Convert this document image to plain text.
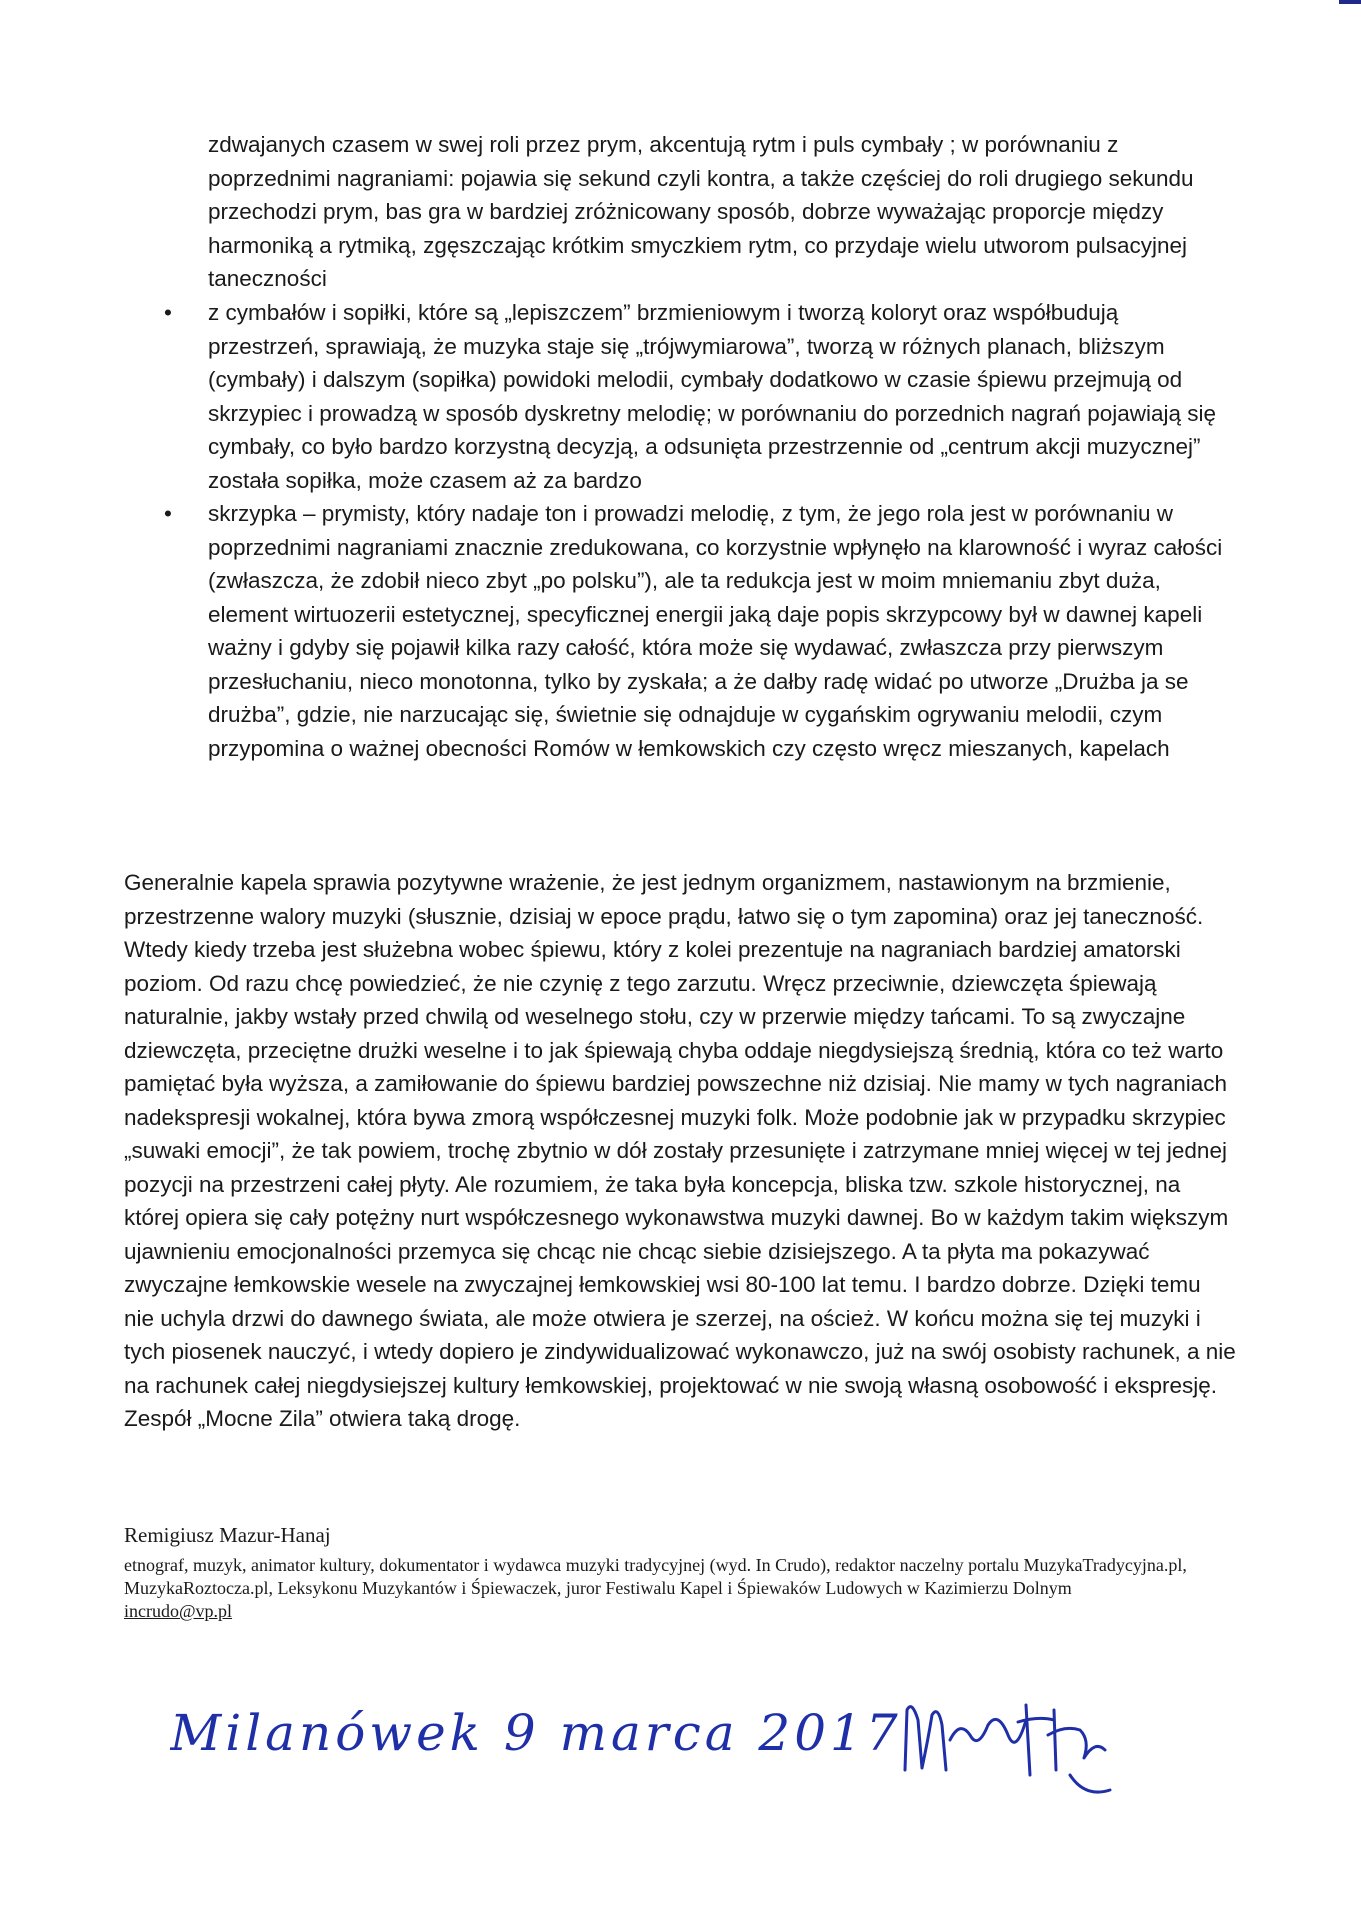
zdwajanych czasem w swej roli przez prym, akcentują rytm i puls cymbały ; w porównaniu z poprzednimi nagraniami: pojawia się sekund czyli kontra, a także częściej do roli drugiego sekundu przechodzi prym, bas gra w bardziej zróżnicowany sposób, dobrze wyważając proporcje między harmoniką a rytmiką, zgęszczając krótkim smyczkiem rytm, co przydaje wielu utworom pulsacyjnej taneczności

• z cymbałów i sopiłki, które są „lepiszczem” brzmieniowym i tworzą koloryt oraz współbudują przestrzeń, sprawiają, że muzyka staje się „trójwymiarowa”, tworzą w różnych planach, bliższym (cymbały) i dalszym (sopiłka) powidoki melodii, cymbały dodatkowo w czasie śpiewu przejmują od skrzypiec i prowadzą w sposób dyskretny melodię; w porównaniu do porzednich nagrań pojawiają się cymbały, co było bardzo korzystną decyzją, a odsunięta przestrzennie od „centrum akcji muzycznej” została sopiłka, może czasem aż za bardzo
• skrzypka – prymisty, który nadaje ton i prowadzi melodię, z tym, że jego rola jest w porównaniu w poprzednimi nagraniami znacznie zredukowana, co korzystnie wpłynęło na klarowność i wyraz całości (zwłaszcza, że zdobił nieco zbyt „po polsku”), ale ta redukcja jest w moim mniemaniu zbyt duża, element wirtuozerii estetycznej, specyficznej energii jaką daje popis skrzypcowy był w dawnej kapeli ważny i gdyby się pojawił kilka razy całość, która może się wydawać, zwłaszcza przy pierwszym przesłuchaniu, nieco monotonna, tylko by zyskała; a że dałby radę widać po utworze „Drużba ja se drużba”, gdzie, nie narzucając się, świetnie się odnajduje w cygańskim ogrywaniu melodii, czym przypomina o ważnej obecności Romów w łemkowskich czy często wręcz mieszanych, kapelach

Generalnie kapela sprawia pozytywne wrażenie, że jest jednym organizmem, nastawionym na brzmienie, przestrzenne walory muzyki (słusznie, dzisiaj w epoce prądu, łatwo się o tym zapomina) oraz jej taneczność. Wtedy kiedy trzeba jest służebna wobec śpiewu, który z kolei prezentuje na nagraniach bardziej amatorski poziom. Od razu chcę powiedzieć, że nie czynię z tego zarzutu. Wręcz przeciwnie, dziewczęta śpiewają naturalnie, jakby wstały przed chwilą od weselnego stołu, czy w przerwie między tańcami. To są zwyczajne dziewczęta, przeciętne drużki weselne i to jak śpiewają chyba oddaje niegdysiejszą średnią, która co też warto pamiętać była wyższa, a zamiłowanie do śpiewu bardziej powszechne niż dzisiaj. Nie mamy w tych nagraniach nadekspresji wokalnej, która bywa zmorą współczesnej muzyki folk. Może podobnie jak w przypadku skrzypiec „suwaki emocji”, że tak powiem, trochę zbytnio w dół zostały przesunięte i zatrzymane mniej więcej w tej jednej pozycji na przestrzeni całej płyty. Ale rozumiem, że taka była koncepcja, bliska tzw. szkole historycznej, na której opiera się cały potężny nurt współczesnego wykonawstwa muzyki dawnej. Bo w każdym takim większym ujawnieniu emocjonalności przemyca się chcąc nie chcąc siebie dzisiejszego. A ta płyta ma pokazywać zwyczajne łemkowskie wesele na zwyczajnej łemkowskiej wsi 80-100 lat temu. I bardzo dobrze. Dzięki temu nie uchyla drzwi do dawnego świata, ale może otwiera je szerzej, na oścież. W końcu można się tej muzyki i tych piosenek nauczyć, i wtedy dopiero je zindywidualizować wykonawczo, już na swój osobisty rachunek, a nie na rachunek całej niegdysiejszej kultury łemkowskiej, projektować w nie swoją własną osobowość i ekspresję. Zespół „Mocne Zila” otwiera taką drogę.

Remigiusz Mazur-Hanaj

etnograf, muzyk, animator kultury, dokumentator i wydawca muzyki tradycyjnej (wyd. In Crudo), redaktor naczelny portalu MuzykaTradycyjna.pl, MuzykaRoztocza.pl, Leksykonu Muzykantów i Śpiewaczek, juror Festiwalu Kapel i Śpiewaków Ludowych w Kazimierzu Dolnym

incrudo@vp.pl
Milanówek 9 marca 2017
